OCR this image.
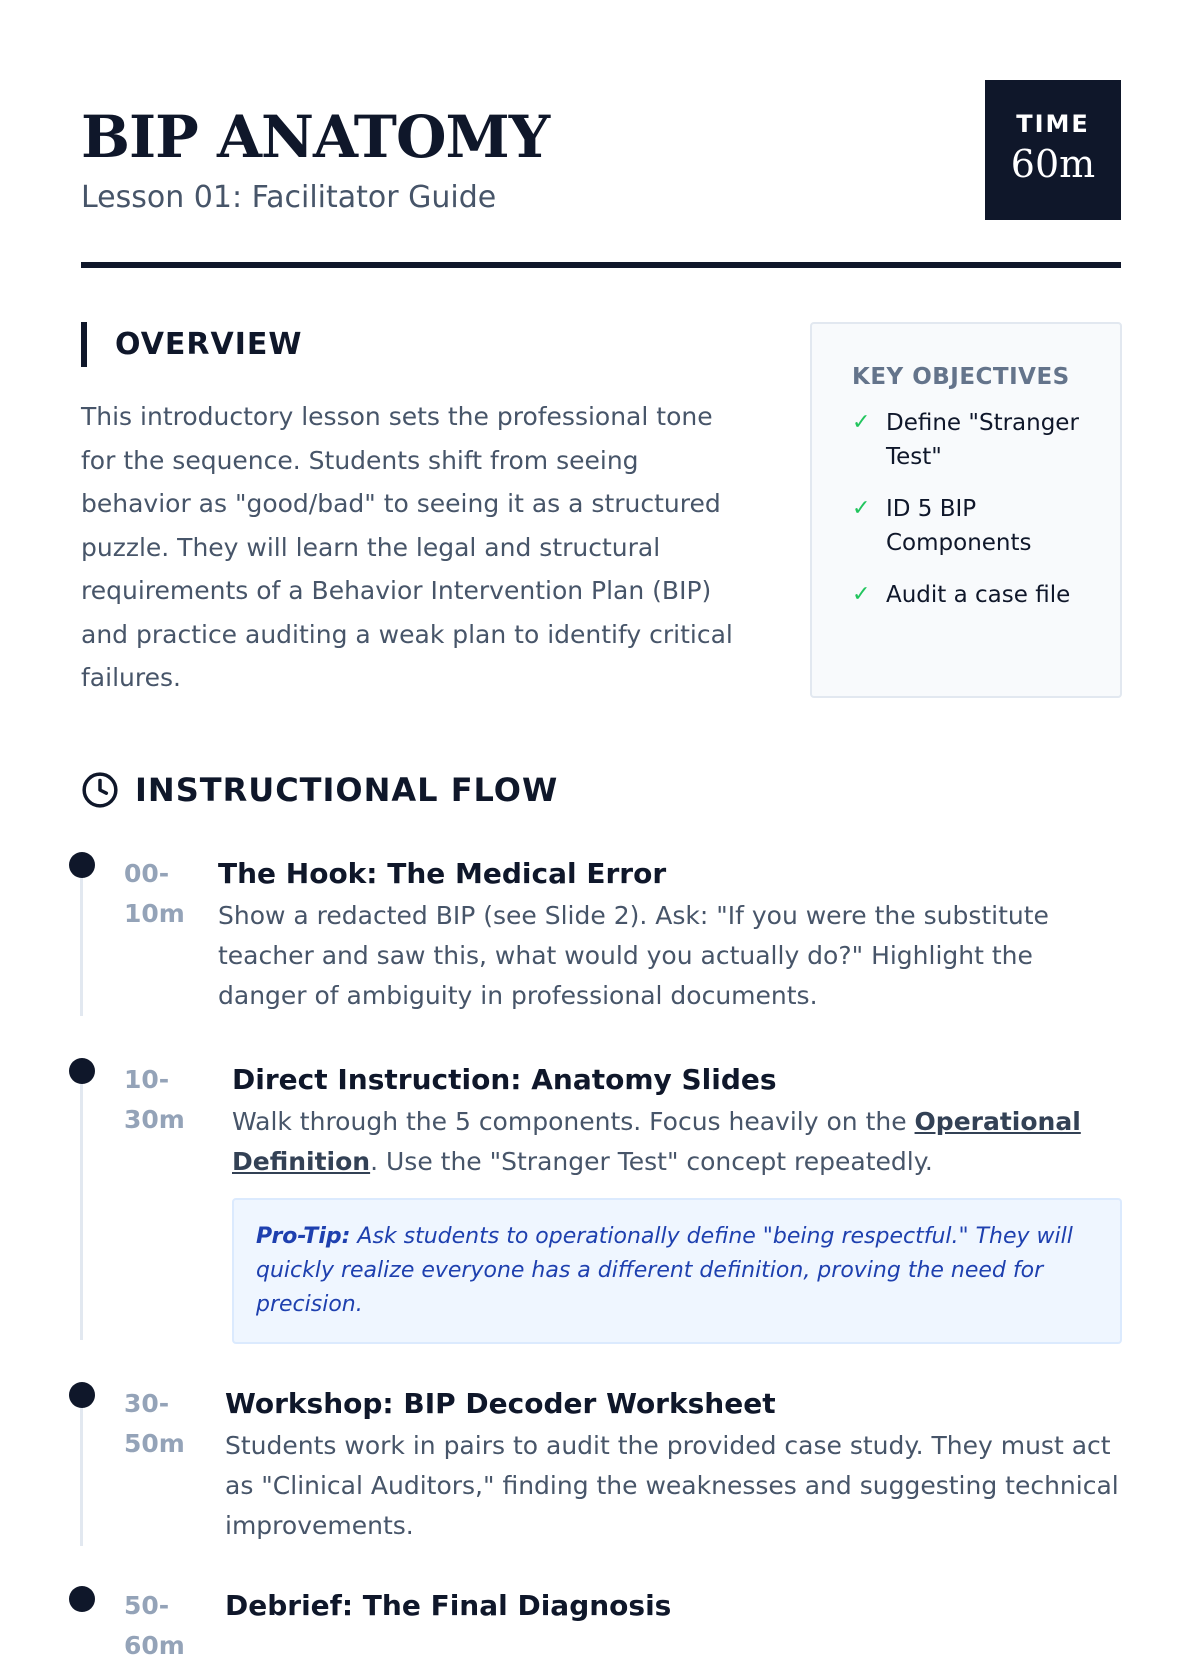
BIP ANATOMY
Lesson 01: Facilitator Guide
TIME
60m
OVERVIEW

This introductory lesson sets the professional tone for the sequence. Students shift from seeing behavior as "good/bad" to seeing it as a structured puzzle. They will learn the legal and structural requirements of a Behavior Intervention Plan (BIP) and practice auditing a weak plan to identify critical failures.

KEY OBJECTIVES
✓ Define "Stranger Test"
✓ ID 5 BIP Components
✓ Audit a case file
INSTRUCTIONAL FLOW
00-10m
The Hook: The Medical Error
Show a redacted BIP (see Slide 2). Ask: "If you were the substitute teacher and saw this, what would you actually do?" Highlight the danger of ambiguity in professional documents.
10-30m
Direct Instruction: Anatomy Slides
Walk through the 5 components. Focus heavily on the Operational Definition. Use the "Stranger Test" concept repeatedly.
Pro-Tip: Ask students to operationally define "being respectful." They will quickly realize everyone has a different definition, proving the need for precision.
30-50m
Workshop: BIP Decoder Worksheet
Students work in pairs to audit the provided case study. They must act as "Clinical Auditors," finding the weaknesses and suggesting technical improvements.
50-60m
Debrief: The Final Diagnosis
